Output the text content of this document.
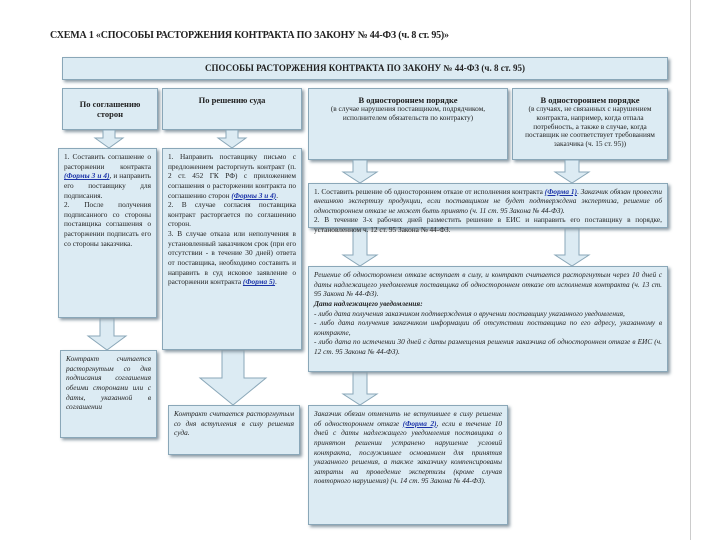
СХЕМА 1 «СПОСОБЫ РАСТОРЖЕНИЯ КОНТРАКТА ПО ЗАКОНУ № 44-ФЗ (ч. 8 ст. 95)»
СПОСОБЫ РАСТОРЖЕНИЯ КОНТРАКТА ПО ЗАКОНУ № 44-ФЗ (ч. 8 ст. 95)
По соглашению сторон
По решению суда	В одностороннем порядке
(в случае нарушения поставщиком, подрядчиком, исполнителем обязательств по контракту)
В одностороннем порядке
(в случаях, не связанных с нарушением контракта, например, когда отпала потребность, а также в случае, когда поставщик не соответствует требованиям заказчика (ч. 15 ст. 95))

1. Составить соглашение о расторжении контракта (Формы 3 и 4), и направить его поставщику для подписания.

2. После получения подписанного со стороны поставщика соглашения о расторжении подписать его со стороны заказчика.

1. Направить поставщику письмо с предложением расторгнуть контракт (п. 2 ст. 452 ГК РФ) с приложением соглашения о расторжении контракта по соглашению сторон (Формы 3 и 4).

2. В случае согласия поставщика контракт расторгается по соглашению сторон.

3. В случае отказа или неполучения в установленный заказчиком срок (при его отсутствии - в течение 30 дней) ответа от поставщика, необходимо составить и направить в суд исковое заявление о расторжении контракта (Форма 5).

1. Составить решение об одностороннем отказе от исполнения контракта (Форма 1). Заказчик обязан провести внешнюю экспертизу продукции, если поставщиком не будет подтверждена экспертиза, решение об одностороннем отказе не может быть принято (ч. 11 ст. 95 Закона № 44-ФЗ).

2. В течение 3-х рабочих дней разместить решение в ЕИС и направить его поставщику в порядке, установленном ч. 12 ст. 95 Закона № 44-ФЗ.

Решение об одностороннем отказе вступает в силу, и контракт считается расторгнутым через 10 дней с даты надлежащего уведомления поставщика об одностороннем отказе от исполнения контракта (ч. 13 ст. 95 Закона № 44-ФЗ).

Дата надлежащего уведомления:

- либо дата получения заказчиком подтверждения о вручении поставщику указанного уведомления,

- либо дата получения заказчиком информации об отсутствии поставщика по его адресу, указанному в контракте,

- либо дата по истечении 30 дней с даты размещения решения заказчика об одностороннем отказе в ЕИС (ч. 12 ст. 95 Закона № 44-ФЗ).

Контракт считается расторгнутым со дня подписания соглашения обеими сторонами или с даты, указанной в соглашении
Контракт считается расторгнутым со дня вступления в силу решения суда.

Заказчик обязан отменить не вступившее в силу решение об одностороннем отказе (Форма 2), если в течение 10 дней с даты надлежащего уведомления поставщика о принятом решении устранено нарушение условий контракта, послужившее основанием для принятия указанного решения, а также заказчику компенсированы затраты на проведение экспертизы (кроме случая повторного нарушения) (ч. 14 ст. 95 Закона № 44-ФЗ).
